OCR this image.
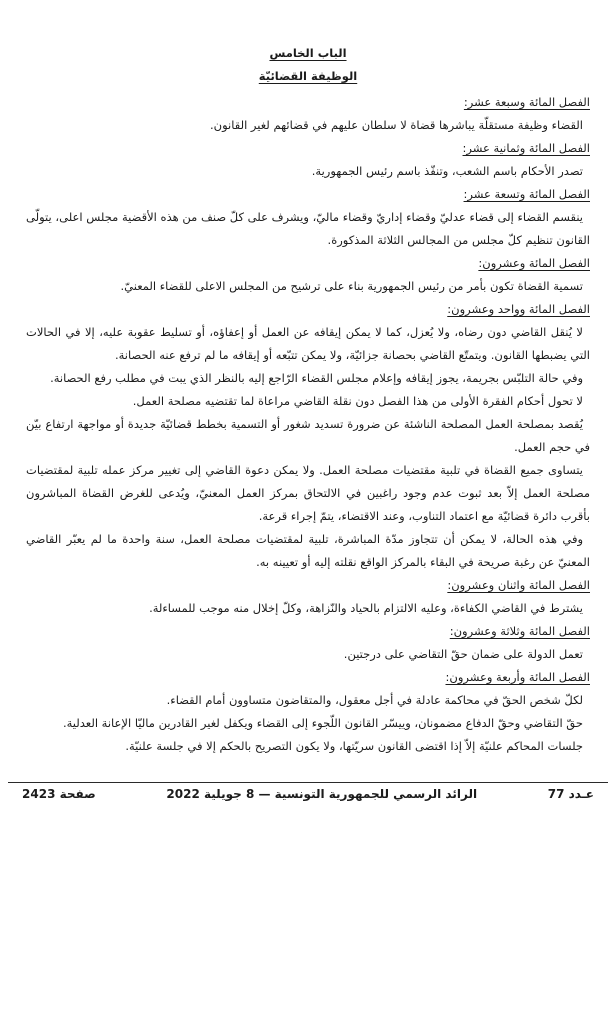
الباب الخامس

الوظيفة القضائيّة

الفصل المائة وسبعة عشر:

القضاء وظيفة مستقلّة يباشرها قضاة لا سلطان عليهم في قضائهم لغير القانون.

الفصل المائة وثمانية عشر:

تصدر الأحكام باسم الشعب، وتنفّذ باسم رئيس الجمهورية.

الفصل المائة وتسعة عشر:

ينقسم القضاء إلى قضاء عدليّ وقضاء إداريّ وقضاء ماليّ، ويشرف على كلّ صنف من هذه الأقضية مجلس اعلى، يتولّى القانون تنظيم كلّ مجلس من المجالس الثلاثة المذكورة.

الفصل المائة وعشرون:

تسمية القضاة تكون بأمر من رئيس الجمهورية بناء على ترشيح من المجلس الاعلى للقضاء المعنيّ.

الفصل المائة وواحد وعشرون:

لا يُنقل القاضي دون رضاه، ولا يُعزل، كما لا يمكن إيقافه عن العمل أو إعفاؤه، أو تسليط عقوبة عليه، إلا في الحالات التي يضبطها القانون. ويتمتّع القاضي بحصانة جزائيّة، ولا يمكن تتبّعه أو إيقافه ما لم ترفع عنه الحصانة.

وفي حالة التلبّس بجريمة، يجوز إيقافه وإعلام مجلس القضاء الرّاجع إليه بالنظر الذي يبت في مطلب رفع الحصانة.

لا تحول أحكام الفقرة الأولى من هذا الفصل دون نقلة القاضي مراعاة لما تقتضيه مصلحة العمل.

يُقصد بمصلحة العمل المصلحة الناشئة عن ضرورة تسديد شغور أو التسمية بخطط قضائيّة جديدة أو مواجهة ارتفاع بيّن في حجم العمل.

يتساوى جميع القضاة في تلبية مقتضيات مصلحة العمل. ولا يمكن دعوة القاضي إلى تغيير مركز عمله تلبية لمقتضيات مصلحة العمل إلاّ بعد ثبوت عدم وجود راغبين في الالتحاق بمركز العمل المعنيّ، ويُدعى للغرض القضاة المباشرون بأقرب دائرة قضائيّة مع اعتماد التناوب، وعند الاقتضاء، يتمّ إجراء قرعة.

وفي هذه الحالة، لا يمكن أن تتجاوز مدّة المباشرة، تلبية لمقتضيات مصلحة العمل، سنة واحدة ما لم يعبّر القاضي المعنيّ عن رغبة صريحة في البقاء بالمركز الواقع نقلته إليه أو تعيينه به.

الفصل المائة واثنان وعشرون:

يشترط في القاضي الكفاءة، وعليه الالتزام بالحياد والنّزاهة، وكلّ إخلال منه موجب للمساءلة.

الفصل المائة وثلاثة وعشرون:

تعمل الدولة على ضمان حقّ التقاضي على درجتين.

الفصل المائة وأربعة وعشرون:

لكلّ شخص الحقّ في محاكمة عادلة في أجل معقول، والمتقاضون متساوون أمام القضاء.

حقّ التقاضي وحقّ الدفاع مضمونان، وييسّر القانون اللّجوء إلى القضاء ويكفل لغير القادرين ماليّا الإعانة العدلية.

جلسات المحاكم علنيّة إلاّ إذا اقتضى القانون سريّتها، ولا يكون التصريح بالحكم إلا في جلسة علنيّة.

عـدد 77
الرائد الرسمي للجمهورية التونسية — 8 جويلية 2022
صفحة 2423
